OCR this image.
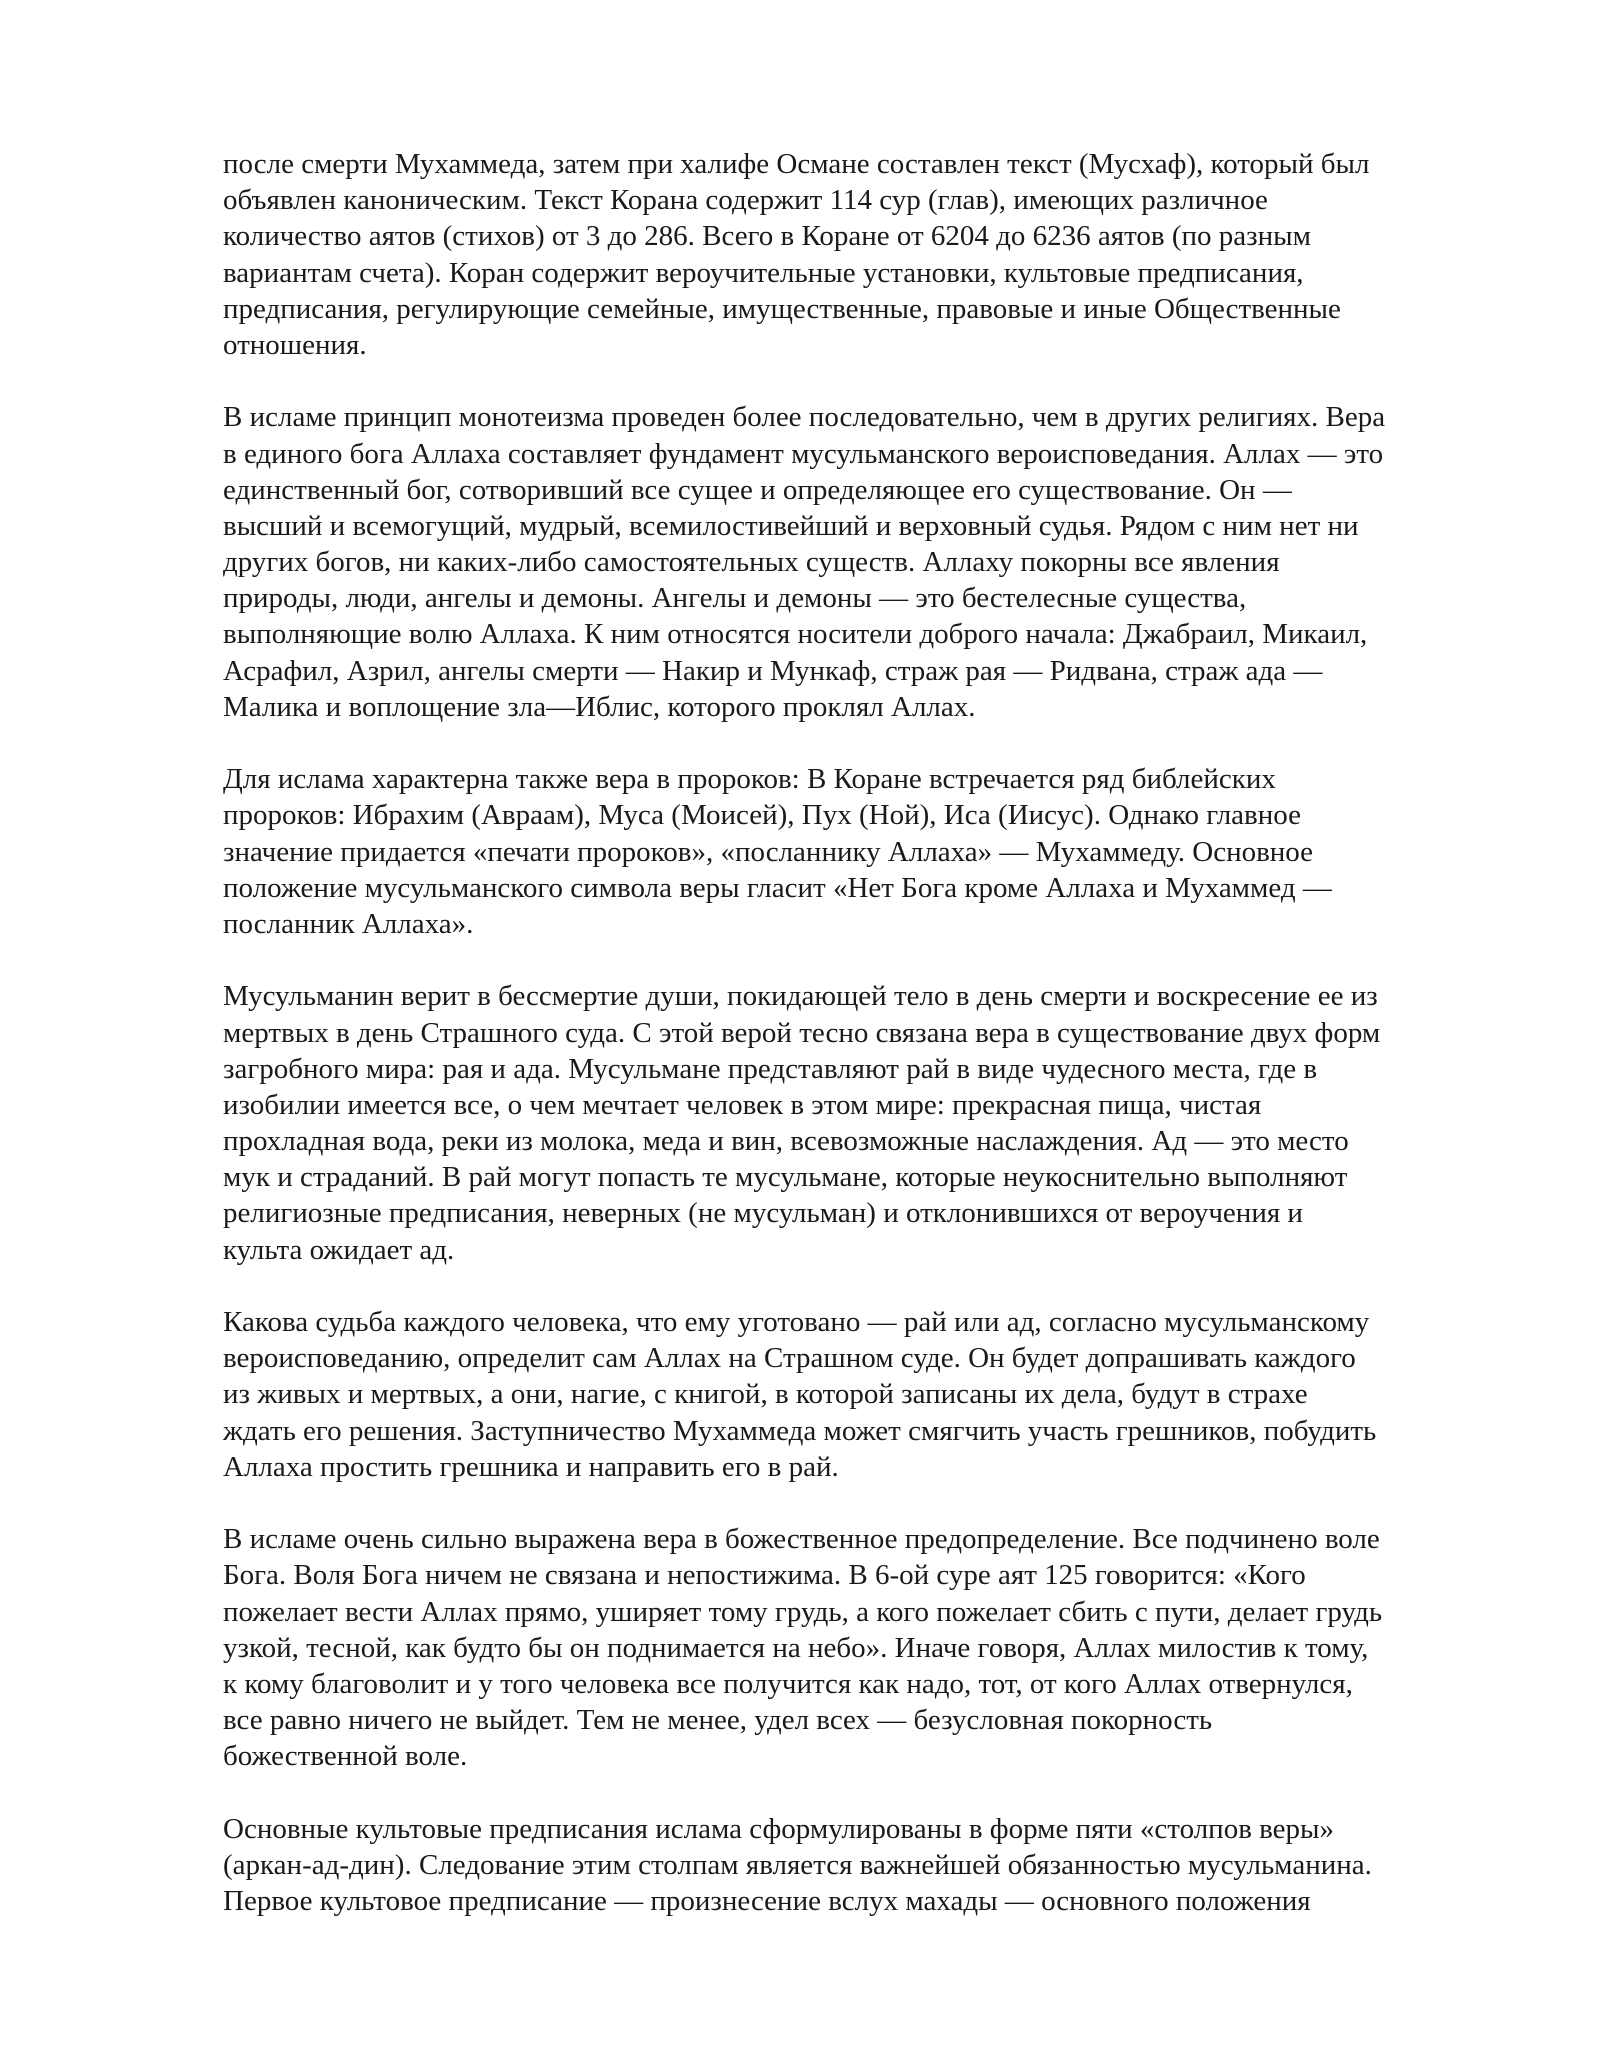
после смерти Мухаммеда, затем при халифе Османе составлен текст (Мусхаф), который был
объявлен каноническим. Текст Корана содержит 114 сур (глав), имеющих различное
количество аятов (стихов) от 3 до 286. Всего в Коране от 6204 до 6236 аятов (по разным
вариантам счета). Коран содержит вероучительные установки, культовые предписания,
предписания, регулирующие семейные, имущественные, правовые и иные Общественные
отношения.
В исламе принцип монотеизма проведен более последовательно, чем в других религиях. Вера
в единого бога Аллаха составляет фундамент мусульманского вероисповедания. Аллах — это
единственный бог, сотворивший все сущее и определяющее его существование. Он —
высший и всемогущий, мудрый, всемилостивейший и верховный судья. Рядом с ним нет ни
других богов, ни каких-либо самостоятельных существ. Аллаху покорны все явления
природы, люди, ангелы и демоны. Ангелы и демоны — это бестелесные существа,
выполняющие волю Аллаха. К ним относятся носители доброго начала: Джабраил, Микаил,
Асрафил, Азрил, ангелы смерти — Накир и Мункаф, страж рая — Ридвана, страж ада —
Малика и воплощение зла—Иблис, которого проклял Аллах.
Для ислама характерна также вера в пророков: В Коране встречается ряд библейских
пророков: Ибрахим (Авраам), Муса (Моисей), Пух (Ной), Иса (Иисус). Однако главное
значение придается «печати пророков», «посланнику Аллаха» — Мухаммеду. Основное
положение мусульманского символа веры гласит «Нет Бога кроме Аллаха и Мухаммед —
посланник Аллаха».
Мусульманин верит в бессмертие души, покидающей тело в день смерти и воскресение ее из
мертвых в день Страшного суда. С этой верой тесно связана вера в существование двух форм
загробного мира: рая и ада. Мусульмане представляют рай в виде чудесного места, где в
изобилии имеется все, о чем мечтает человек в этом мире: прекрасная пища, чистая
прохладная вода, реки из молока, меда и вин, всевозможные наслаждения. Ад — это место
мук и страданий. В рай могут попасть те мусульмане, которые неукоснительно выполняют
религиозные предписания, неверных (не мусульман) и отклонившихся от вероучения и
культа ожидает ад.
Какова судьба каждого человека, что ему уготовано — рай или ад, согласно мусульманскому
вероисповеданию, определит сам Аллах на Страшном суде. Он будет допрашивать каждого
из живых и мертвых, а они, нагие, с книгой, в которой записаны их дела, будут в страхе
ждать его решения. Заступничество Мухаммеда может смягчить участь грешников, побудить
Аллаха простить грешника и направить его в рай.
В исламе очень сильно выражена вера в божественное предопределение. Все подчинено воле
Бога. Воля Бога ничем не связана и непостижима. В 6-ой суре аят 125 говорится: «Кого
пожелает вести Аллах прямо, уширяет тому грудь, а кого пожелает сбить с пути, делает грудь
узкой, тесной, как будто бы он поднимается на небо». Иначе говоря, Аллах милостив к тому,
к кому благоволит и у того человека все получится как надо, тот, от кого Аллах отвернулся,
все равно ничего не выйдет. Тем не менее, удел всех — безусловная покорность
божественной воле.
Основные культовые предписания ислама сформулированы в форме пяти «столпов веры»
(аркан-ад-дин). Следование этим столпам является важнейшей обязанностью мусульманина.
Первое культовое предписание — произнесение вслух махады — основного положения
